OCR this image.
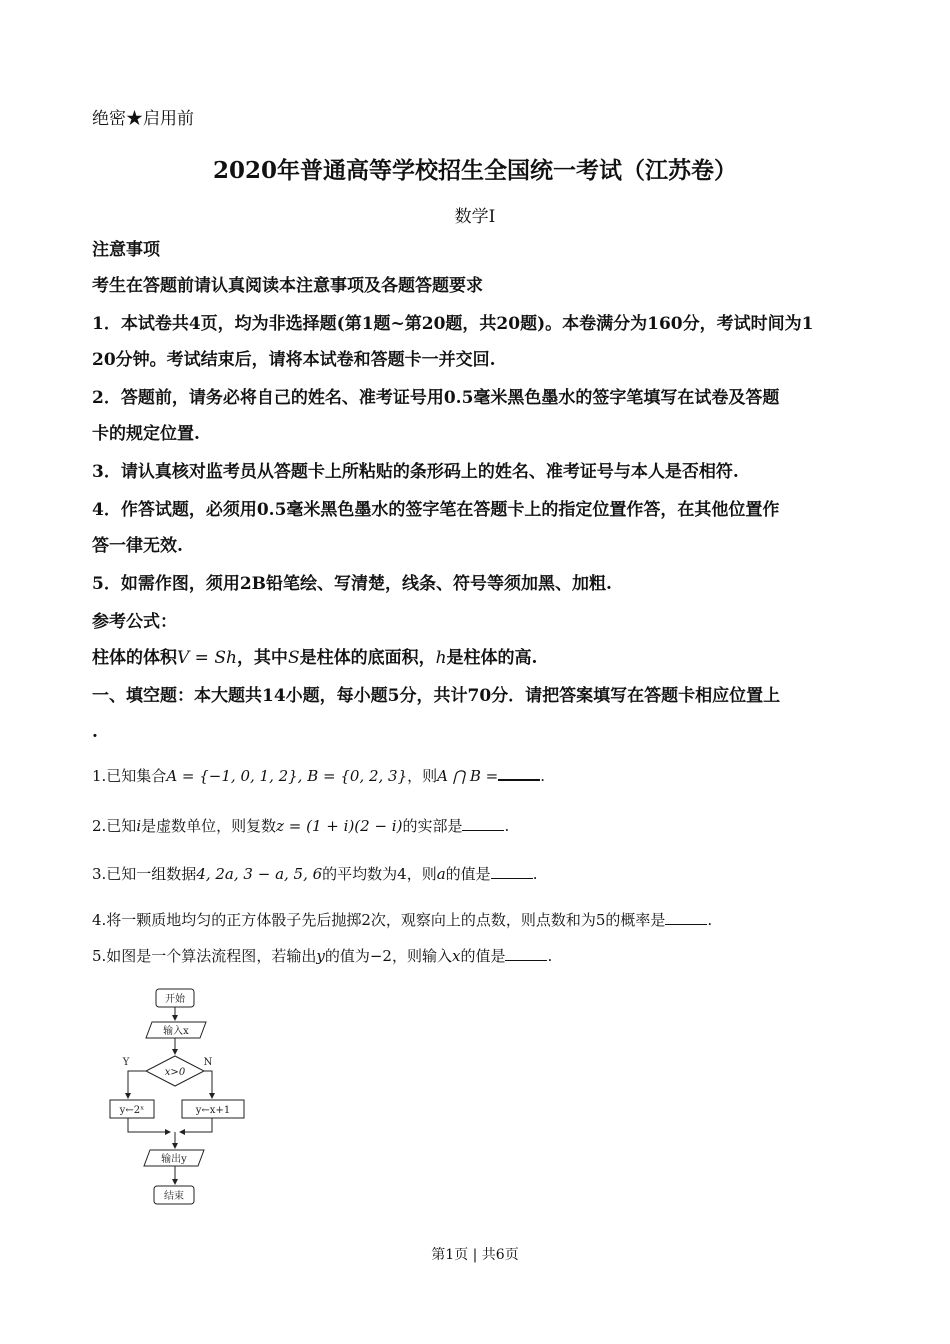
绝密★启用前
2020年普通高等学校招生全国统一考试（江苏卷）
数学Ⅰ
注意事项
考生在答题前请认真阅读本注意事项及各题答题要求
1．本试卷共4页，均为非选择题(第1题~第20题，共20题)。本卷满分为160分，考试时间为1
20分钟。考试结束后，请将本试卷和答题卡一并交回.
2．答题前，请务必将自己的姓名、准考证号用0.5毫米黑色墨水的签字笔填写在试卷及答题
卡的规定位置.
3．请认真核对监考员从答题卡上所粘贴的条形码上的姓名、准考证号与本人是否相符.
4．作答试题，必须用0.5毫米黑色墨水的签字笔在答题卡上的指定位置作答，在其他位置作
答一律无效.
5．如需作图，须用2B铅笔绘、写清楚，线条、符号等须加黑、加粗.
参考公式：
柱体的体积V = Sh，其中S是柱体的底面积，h是柱体的高.
一、填空题：本大题共14小题，每小题5分，共计70分．请把答案填写在答题卡相应位置上
.
1.已知集合A = {−1, 0, 1, 2}, B = {0, 2, 3}，则A ⋂ B =	.
2.已知i是虚数单位，则复数z = (1 + i)(2 − i)的实部是	.
3.已知一组数据4, 2a, 3 − a, 5, 6的平均数为4，则a的值是	.
4.将一颗质地均匀的正方体骰子先后抛掷2次，观察向上的点数，则点数和为5的概率是	.
5.如图是一个算法流程图，若输出y的值为−2，则输入x的值是	.
开始
输入x
x>0
Y	N
y←2ˣ	y←x+1
输出y
结束
第1页 | 共6页
